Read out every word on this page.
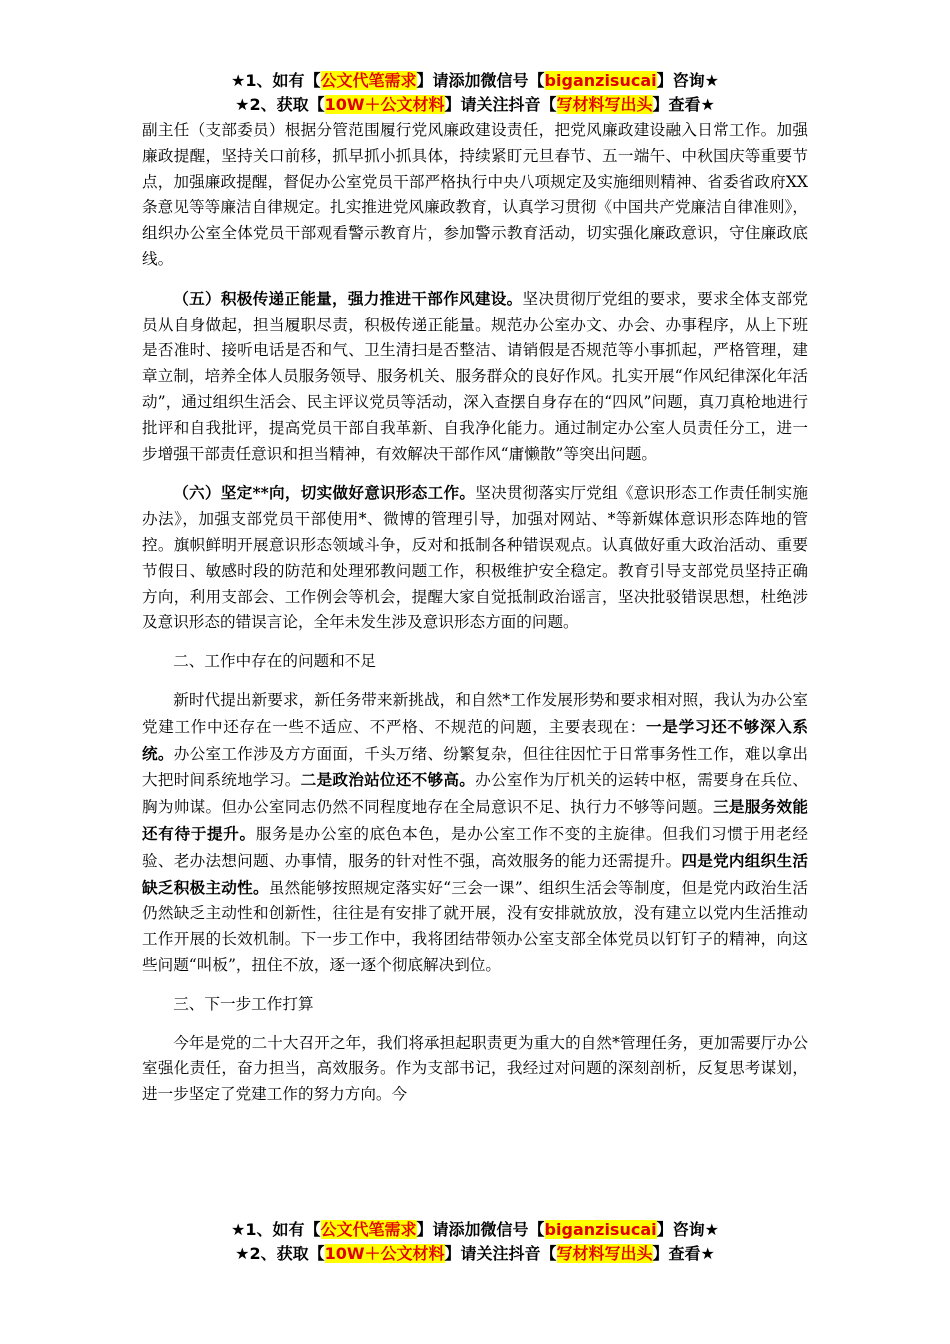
★1、如有【公文代笔需求】请添加微信号【biganzisucai】咨询★
★2、获取【10W＋公文材料】请关注抖音【写材料写出头】查看★

副主任（支部委员）根据分管范围履行党风廉政建设责任，把党风廉政建设融入日常工作。加强廉政提醒，坚持关口前移，抓早抓小抓具体，持续紧盯元旦春节、五一端午、中秋国庆等重要节点，加强廉政提醒，督促办公室党员干部严格执行中央八项规定及实施细则精神、省委省政府XX条意见等等廉洁自律规定。扎实推进党风廉政教育，认真学习贯彻《中国共产党廉洁自律准则》，组织办公室全体党员干部观看警示教育片，参加警示教育活动，切实强化廉政意识，守住廉政底线。

（五）积极传递正能量，强力推进干部作风建设。坚决贯彻厅党组的要求，要求全体支部党员从自身做起，担当履职尽责，积极传递正能量。规范办公室办文、办会、办事程序，从上下班是否准时、接听电话是否和气、卫生清扫是否整洁、请销假是否规范等小事抓起，严格管理，建章立制，培养全体人员服务领导、服务机关、服务群众的良好作风。扎实开展“作风纪律深化年活动”，通过组织生活会、民主评议党员等活动，深入查摆自身存在的“四风”问题，真刀真枪地进行批评和自我批评，提高党员干部自我革新、自我净化能力。通过制定办公室人员责任分工，进一步增强干部责任意识和担当精神，有效解决干部作风“庸懒散”等突出问题。

（六）坚定**向，切实做好意识形态工作。坚决贯彻落实厅党组《意识形态工作责任制实施办法》，加强支部党员干部使用*、微博的管理引导，加强对网站、*等新媒体意识形态阵地的管控。旗帜鲜明开展意识形态领域斗争，反对和抵制各种错误观点。认真做好重大政治活动、重要节假日、敏感时段的防范和处理邪教问题工作，积极维护安全稳定。教育引导支部党员坚持正确方向，利用支部会、工作例会等机会，提醒大家自觉抵制政治谣言，坚决批驳错误思想，杜绝涉及意识形态的错误言论，全年未发生涉及意识形态方面的问题。

二、工作中存在的问题和不足

新时代提出新要求，新任务带来新挑战，和自然*工作发展形势和要求相对照，我认为办公室党建工作中还存在一些不适应、不严格、不规范的问题，主要表现在：一是学习还不够深入系统。办公室工作涉及方方面面，千头万绪、纷繁复杂，但往往因忙于日常事务性工作，难以拿出大把时间系统地学习。二是政治站位还不够高。办公室作为厅机关的运转中枢，需要身在兵位、胸为帅谋。但办公室同志仍然不同程度地存在全局意识不足、执行力不够等问题。三是服务效能还有待于提升。服务是办公室的底色本色，是办公室工作不变的主旋律。但我们习惯于用老经验、老办法想问题、办事情，服务的针对性不强，高效服务的能力还需提升。四是党内组织生活缺乏积极主动性。虽然能够按照规定落实好“三会一课”、组织生活会等制度，但是党内政治生活仍然缺乏主动性和创新性，往往是有安排了就开展，没有安排就放放，没有建立以党内生活推动工作开展的长效机制。下一步工作中，我将团结带领办公室支部全体党员以钉钉子的精神，向这些问题“叫板”，扭住不放，逐一逐个彻底解决到位。

三、下一步工作打算

今年是党的二十大召开之年，我们将承担起职责更为重大的自然*管理任务，更加需要厅办公室强化责任，奋力担当，高效服务。作为支部书记，我经过对问题的深刻剖析，反复思考谋划，进一步坚定了党建工作的努力方向。今

★1、如有【公文代笔需求】请添加微信号【biganzisucai】咨询★
★2、获取【10W＋公文材料】请关注抖音【写材料写出头】查看★
